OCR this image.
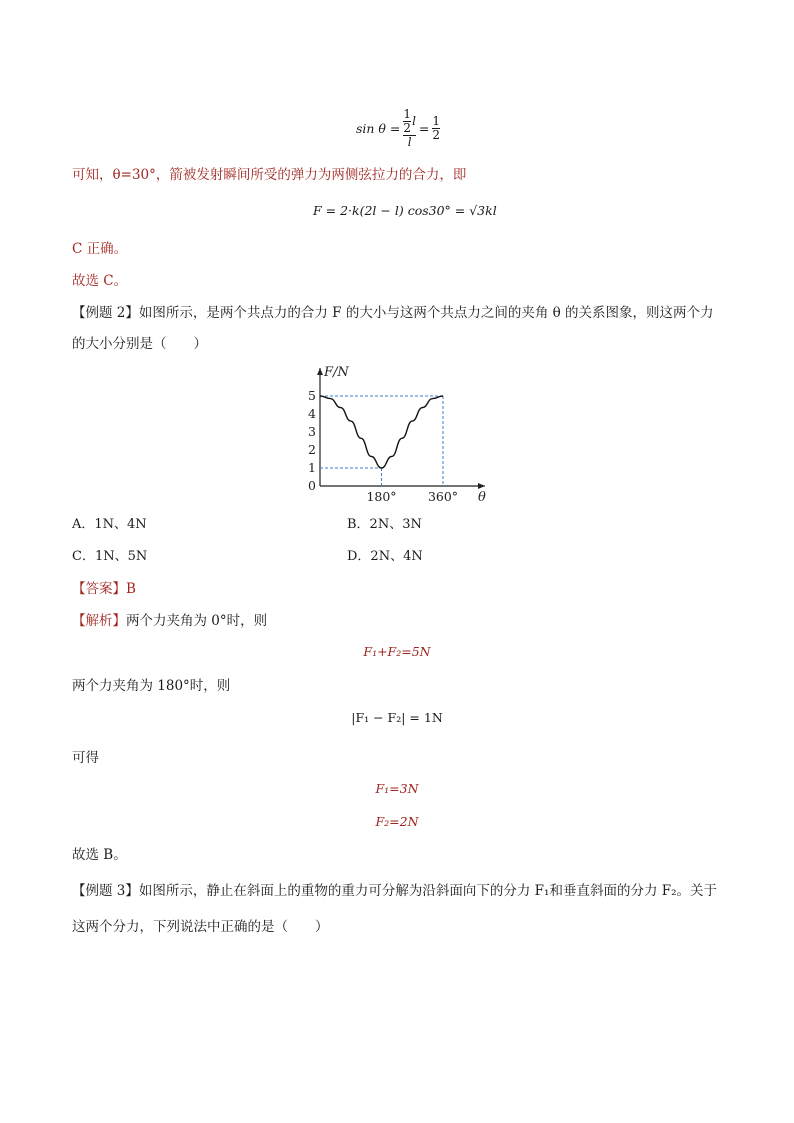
$\sin \theta = \frac{\frac{1}{2} l}{l} = \frac{1}{2}$
可知，θ=30°，箭被发射瞬间所受的弹力为两侧弦拉力的合力，即
F = 2·k(2l − l) cos30° = √3kl
C 正确。
故选 C。
【例题 2】如图所示，是两个共点力的合力 F 的大小与这两个共点力之间的夹角 θ 的关系图象，则这两个力
的大小分别是（　　）
0
1
2
3
4
5
180°	360°
F/N
θ
A．1N、4N	B．2N、3N
C．1N、5N	D．2N、4N
【答案】B
【解析】两个力夹角为 0°时，则
F₁+F₂=5N
两个力夹角为 180°时，则
|F₁ − F₂| = 1N
可得
F₁=3N
F₂=2N
故选 B。
【例题 3】如图所示，静止在斜面上的重物的重力可分解为沿斜面向下的分力 F₁和垂直斜面的分力 F₂。关于
这两个分力，下列说法中正确的是（　　）
